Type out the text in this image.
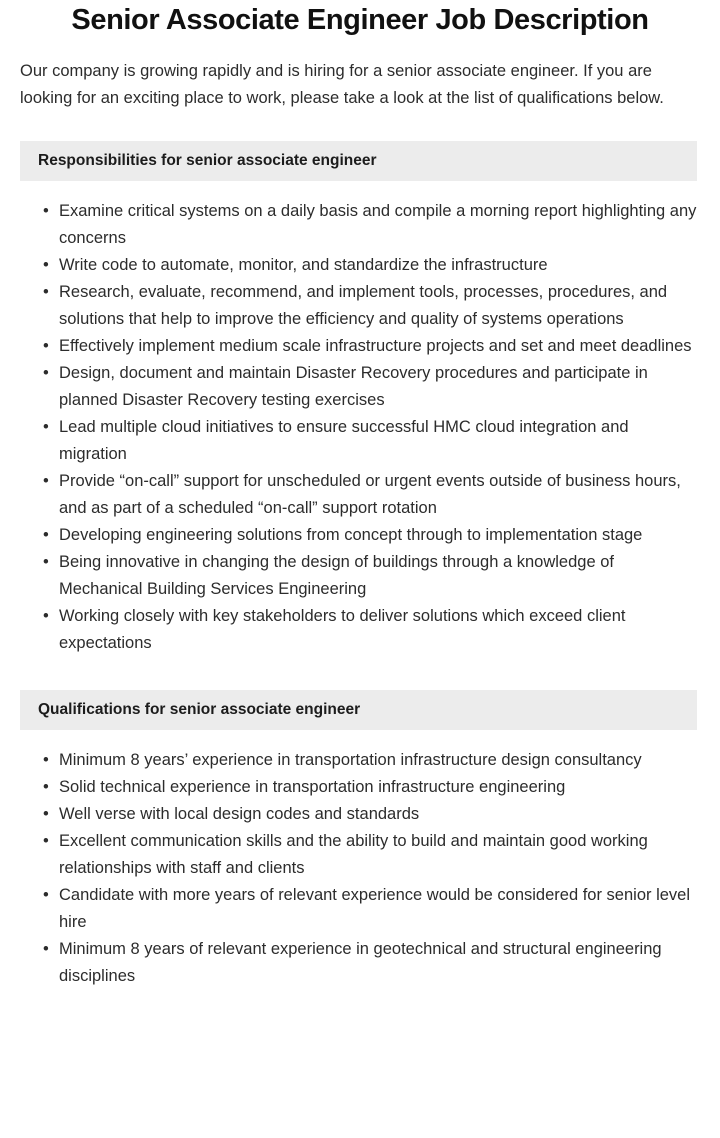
Senior Associate Engineer Job Description

Our company is growing rapidly and is hiring for a senior associate engineer. If you are looking for an exciting place to work, please take a look at the list of qualifications below.

Responsibilities for senior associate engineer
• Examine critical systems on a daily basis and compile a morning report highlighting any concerns
• Write code to automate, monitor, and standardize the infrastructure
• Research, evaluate, recommend, and implement tools, processes, procedures, and solutions that help to improve the efficiency and quality of systems operations
• Effectively implement medium scale infrastructure projects and set and meet deadlines
• Design, document and maintain Disaster Recovery procedures and participate in planned Disaster Recovery testing exercises
• Lead multiple cloud initiatives to ensure successful HMC cloud integration and migration
• Provide “on-call” support for unscheduled or urgent events outside of business hours, and as part of a scheduled “on-call” support rotation
• Developing engineering solutions from concept through to implementation stage
• Being innovative in changing the design of buildings through a knowledge of Mechanical Building Services Engineering
• Working closely with key stakeholders to deliver solutions which exceed client expectations
Qualifications for senior associate engineer
• Minimum 8 years’ experience in transportation infrastructure design consultancy
• Solid technical experience in transportation infrastructure engineering
• Well verse with local design codes and standards
• Excellent communication skills and the ability to build and maintain good working relationships with staff and clients
• Candidate with more years of relevant experience would be considered for senior level hire
• Minimum 8 years of relevant experience in geotechnical and structural engineering disciplines
